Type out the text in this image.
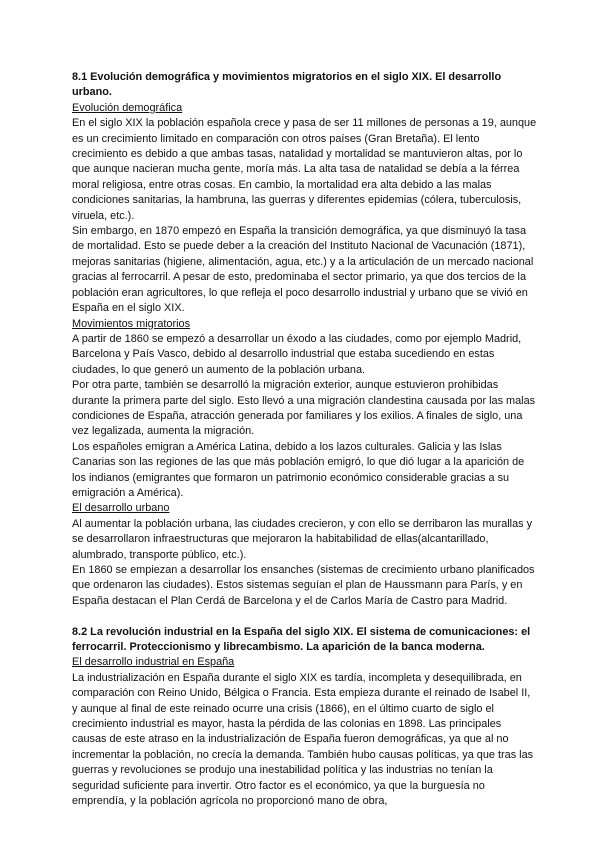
8.1 Evolución demográfica y movimientos migratorios en el siglo XIX. El desarrollo urbano.

Evolución demográfica

En el siglo XIX la población española crece y pasa de ser 11 millones de personas a 19, aunque es un crecimiento limitado en comparación con otros países (Gran Bretaña). El lento crecimiento es debido a que ambas tasas, natalidad y mortalidad se mantuvieron altas, por lo que aunque nacieran mucha gente, moría más. La alta tasa de natalidad se debía a la férrea moral religiosa, entre otras cosas. En cambio, la mortalidad era alta debido a las malas condiciones sanitarias, la hambruna, las guerras y diferentes epidemias (cólera, tuberculosis, viruela, etc.).

Sin embargo, en 1870 empezó en España la transición demográfica, ya que disminuyó la tasa de mortalidad. Esto se puede deber a la creación del Instituto Nacional de Vacunación (1871), mejoras sanitarias (higiene, alimentación, agua, etc.) y a la articulación de un mercado nacional gracias al ferrocarril. A pesar de esto, predominaba el sector primario, ya que dos tercios de la población eran agricultores, lo que refleja el poco desarrollo industrial y urbano que se vivió en España en el siglo XIX.

Movimientos migratorios

A partir de 1860 se empezó a desarrollar un éxodo a las ciudades, como por ejemplo Madrid, Barcelona y País Vasco, debido al desarrollo industrial que estaba sucediendo en estas ciudades, lo que generó un aumento de la población urbana.

Por otra parte, también se desarrolló la migración exterior, aunque estuvieron prohibidas durante la primera parte del siglo. Esto llevó a una migración clandestina causada por las malas condiciones de España, atracción generada por familiares y los exilios. A finales de siglo, una vez legalizada, aumenta la migración.

Los españoles emigran a América Latina, debido a los lazos culturales. Galicia y las Islas Canarias son las regiones de las que más población emigró, lo que dió lugar a la aparición de los indianos (emigrantes que formaron un patrimonio económico considerable gracias a su emigración a América).

El desarrollo urbano

Al aumentar la población urbana, las ciudades crecieron, y con ello se derribaron las murallas y se desarrollaron infraestructuras que mejoraron la habitabilidad de ellas(alcantarillado, alumbrado, transporte público, etc.).

En 1860 se empiezan a desarrollar los ensanches (sistemas de crecimiento urbano planificados que ordenaron las ciudades). Estos sistemas seguían el plan de Haussmann para París, y en España destacan el Plan Cerdá de Barcelona y el de Carlos María de Castro para Madrid.

8.2 La revolución industrial en la España del siglo XIX. El sistema de comunicaciones: el ferrocarril. Proteccionismo y librecambismo. La aparición de la banca moderna.

El desarrollo industrial en España

La industrialización en España durante el siglo XIX es tardía, incompleta y desequilibrada, en comparación con Reino Unido, Bélgica o Francia. Esta empieza durante el reinado de Isabel II, y aunque al final de este reinado ocurre una crisis (1866), en el último cuarto de siglo el crecimiento industrial es mayor, hasta la pérdida de las colonias en 1898. Las principales causas de este atraso en la industrialización de España fueron demográficas, ya que al no incrementar la población, no crecía la demanda. También hubo causas políticas, ya que tras las guerras y revoluciones se produjo una inestabilidad política y las industrias no tenían la seguridad suficiente para invertir. Otro factor es el económico, ya que la burguesía no emprendía, y la población agrícola no proporcionó mano de obra,
